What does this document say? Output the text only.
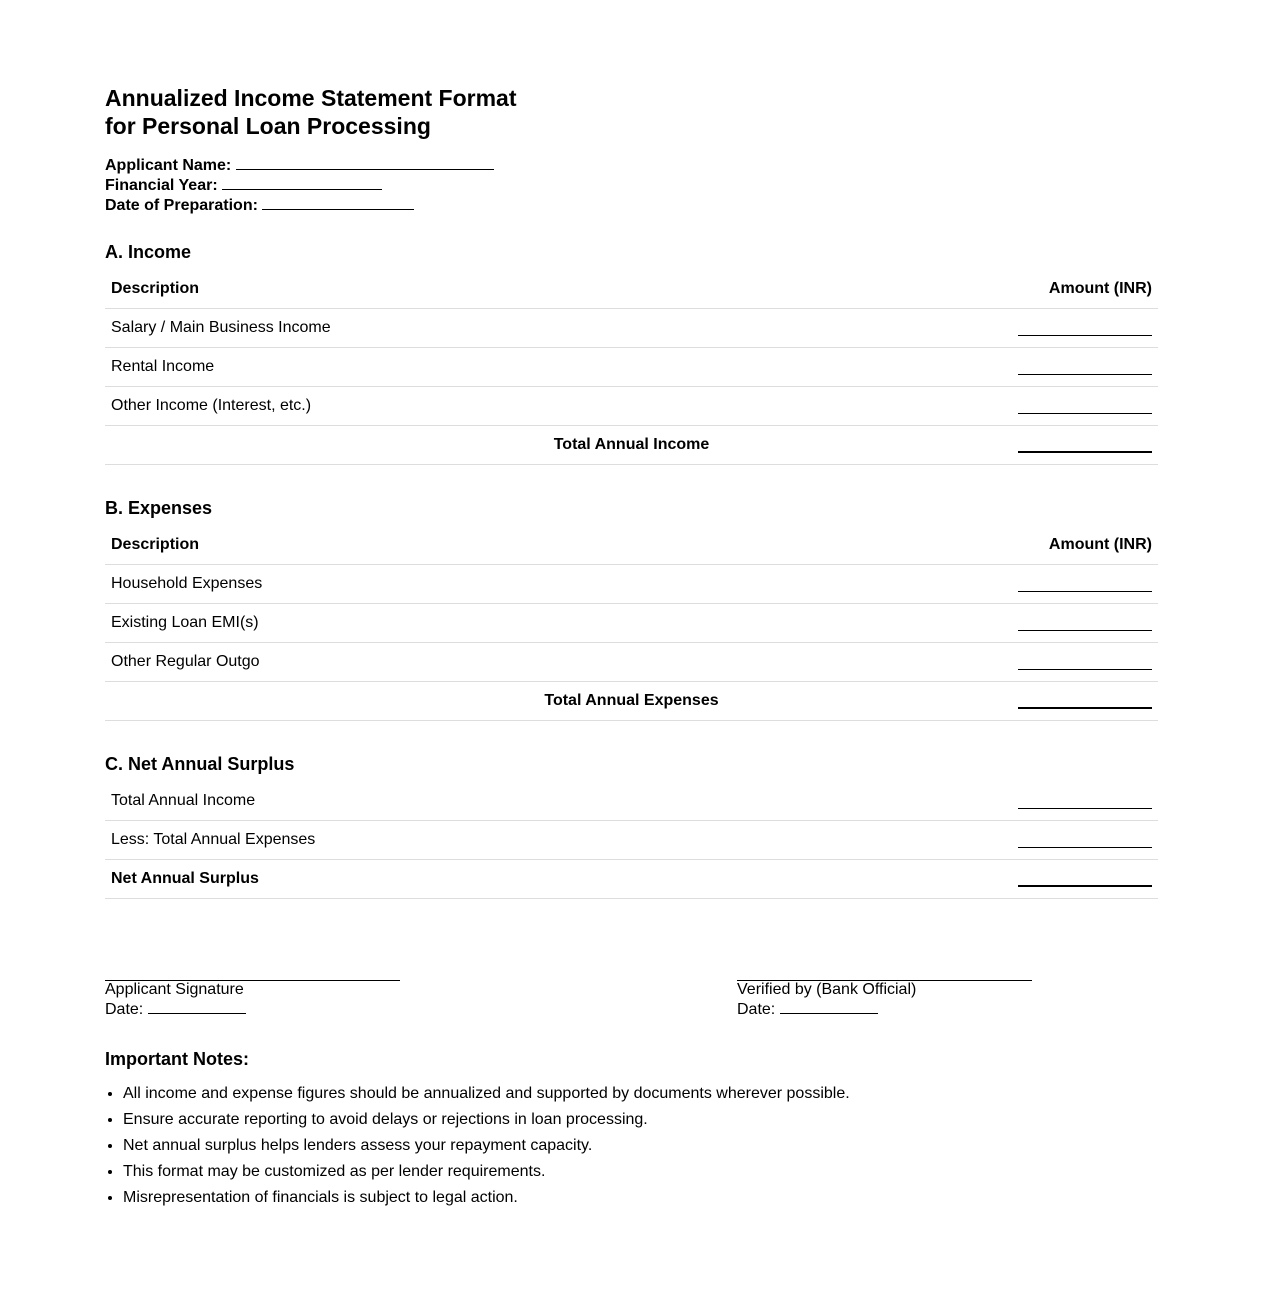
Annualized Income Statement Format
for Personal Loan Processing
Applicant Name:
Financial Year:
Date of Preparation:
A. Income
Description	Amount (INR)
Salary / Main Business Income
Rental Income
Other Income (Interest, etc.)
Total Annual Income
B. Expenses
Description	Amount (INR)
Household Expenses
Existing Loan EMI(s)
Other Regular Outgo
Total Annual Expenses
C. Net Annual Surplus
Total Annual Income
Less: Total Annual Expenses
Net Annual Surplus
Applicant Signature
Date:
Verified by (Bank Official)
Date:
Important Notes:
• All income and expense figures should be annualized and supported by documents wherever possible.
• Ensure accurate reporting to avoid delays or rejections in loan processing.
• Net annual surplus helps lenders assess your repayment capacity.
• This format may be customized as per lender requirements.
• Misrepresentation of financials is subject to legal action.
